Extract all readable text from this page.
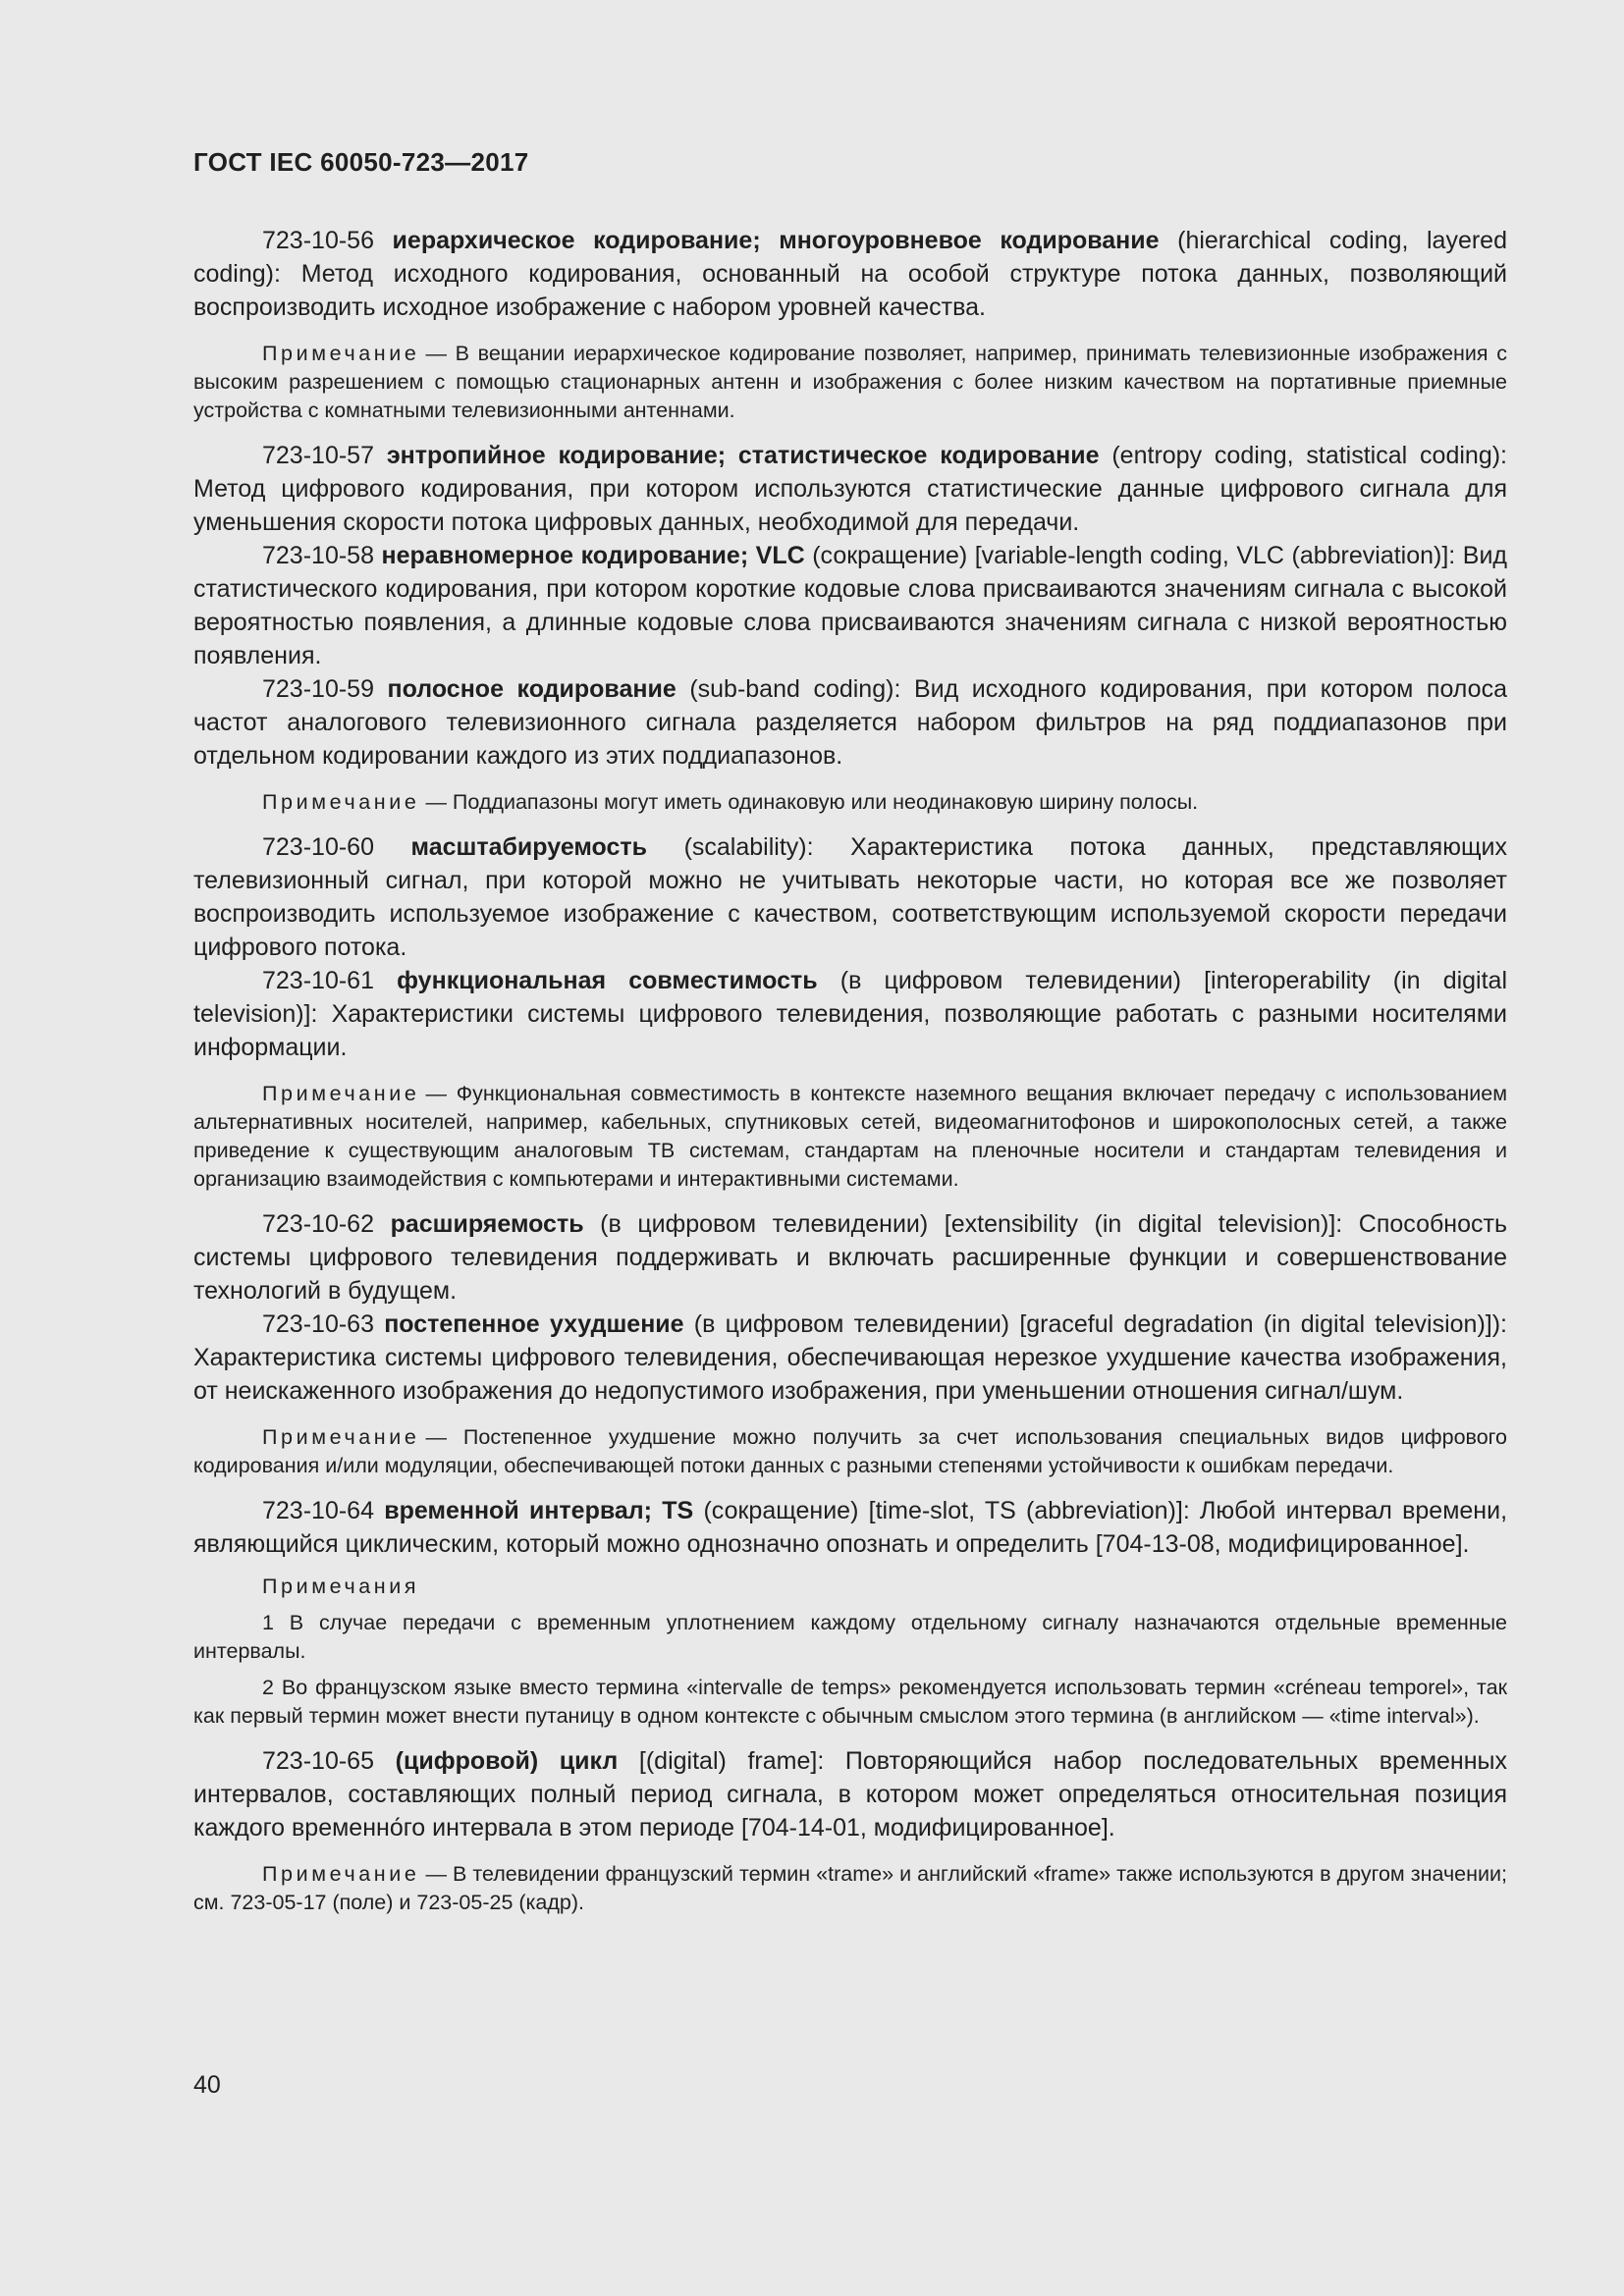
ГОСТ IEC 60050-723—2017

723-10-56 иерархическое кодирование; многоуровневое кодирование (hierarchical coding, layered coding): Метод исходного кодирования, основанный на особой структуре потока данных, позволяющий воспроизводить исходное изображение с набором уровней качества.

Примечание — В вещании иерархическое кодирование позволяет, например, принимать телевизионные изображения с высоким разрешением с помощью стационарных антенн и изображения с более низким качеством на портативные приемные устройства с комнатными телевизионными антеннами.

723-10-57 энтропийное кодирование; статистическое кодирование (entropy coding, statistical coding): Метод цифрового кодирования, при котором используются статистические данные цифрового сигнала для уменьшения скорости потока цифровых данных, необходимой для передачи.

723-10-58 неравномерное кодирование; VLC (сокращение) [variable-length coding, VLC (abbreviation)]: Вид статистического кодирования, при котором короткие кодовые слова присваиваются значениям сигнала с высокой вероятностью появления, а длинные кодовые слова присваиваются значениям сигнала с низкой вероятностью появления.

723-10-59 полосное кодирование (sub-band coding): Вид исходного кодирования, при котором полоса частот аналогового телевизионного сигнала разделяется набором фильтров на ряд поддиапазонов при отдельном кодировании каждого из этих поддиапазонов.

Примечание — Поддиапазоны могут иметь одинаковую или неодинаковую ширину полосы.

723-10-60 масштабируемость (scalability): Характеристика потока данных, представляющих телевизионный сигнал, при которой можно не учитывать некоторые части, но которая все же позволяет воспроизводить используемое изображение с качеством, соответствующим используемой скорости передачи цифрового потока.

723-10-61 функциональная совместимость (в цифровом телевидении) [interoperability (in digital television)]: Характеристики системы цифрового телевидения, позволяющие работать с разными носителями информации.

Примечание — Функциональная совместимость в контексте наземного вещания включает передачу с использованием альтернативных носителей, например, кабельных, спутниковых сетей, видеомагнитофонов и широкополосных сетей, а также приведение к существующим аналоговым ТВ системам, стандартам на пленочные носители и стандартам телевидения и организацию взаимодействия с компьютерами и интерактивными системами.

723-10-62 расширяемость (в цифровом телевидении) [extensibility (in digital television)]: Способность системы цифрового телевидения поддерживать и включать расширенные функции и совершенствование технологий в будущем.

723-10-63 постепенное ухудшение (в цифровом телевидении) [graceful degradation (in digital television)]): Характеристика системы цифрового телевидения, обеспечивающая нерезкое ухудшение качества изображения, от неискаженного изображения до недопустимого изображения, при уменьшении отношения сигнал/шум.

Примечание — Постепенное ухудшение можно получить за счет использования специальных видов цифрового кодирования и/или модуляции, обеспечивающей потоки данных с разными степенями устойчивости к ошибкам передачи.

723-10-64 временной интервал; TS (сокращение) [time-slot, TS (abbreviation)]: Любой интервал времени, являющийся циклическим, который можно однозначно опознать и определить [704-13-08, модифицированное].

Примечания

1 В случае передачи с временным уплотнением каждому отдельному сигналу назначаются отдельные временные интервалы.

2 Во французском языке вместо термина «intervalle de temps» рекомендуется использовать термин «créneau temporel», так как первый термин может внести путаницу в одном контексте с обычным смыслом этого термина (в английском — «time interval»).

723-10-65 (цифровой) цикл [(digital) frame]: Повторяющийся набор последовательных временных интервалов, составляющих полный период сигнала, в котором может определяться относительная позиция каждого временно́го интервала в этом периоде [704-14-01, модифицированное].

Примечание — В телевидении французский термин «trame» и английский «frame» также используются в другом значении; см. 723-05-17 (поле) и 723-05-25 (кадр).

40
